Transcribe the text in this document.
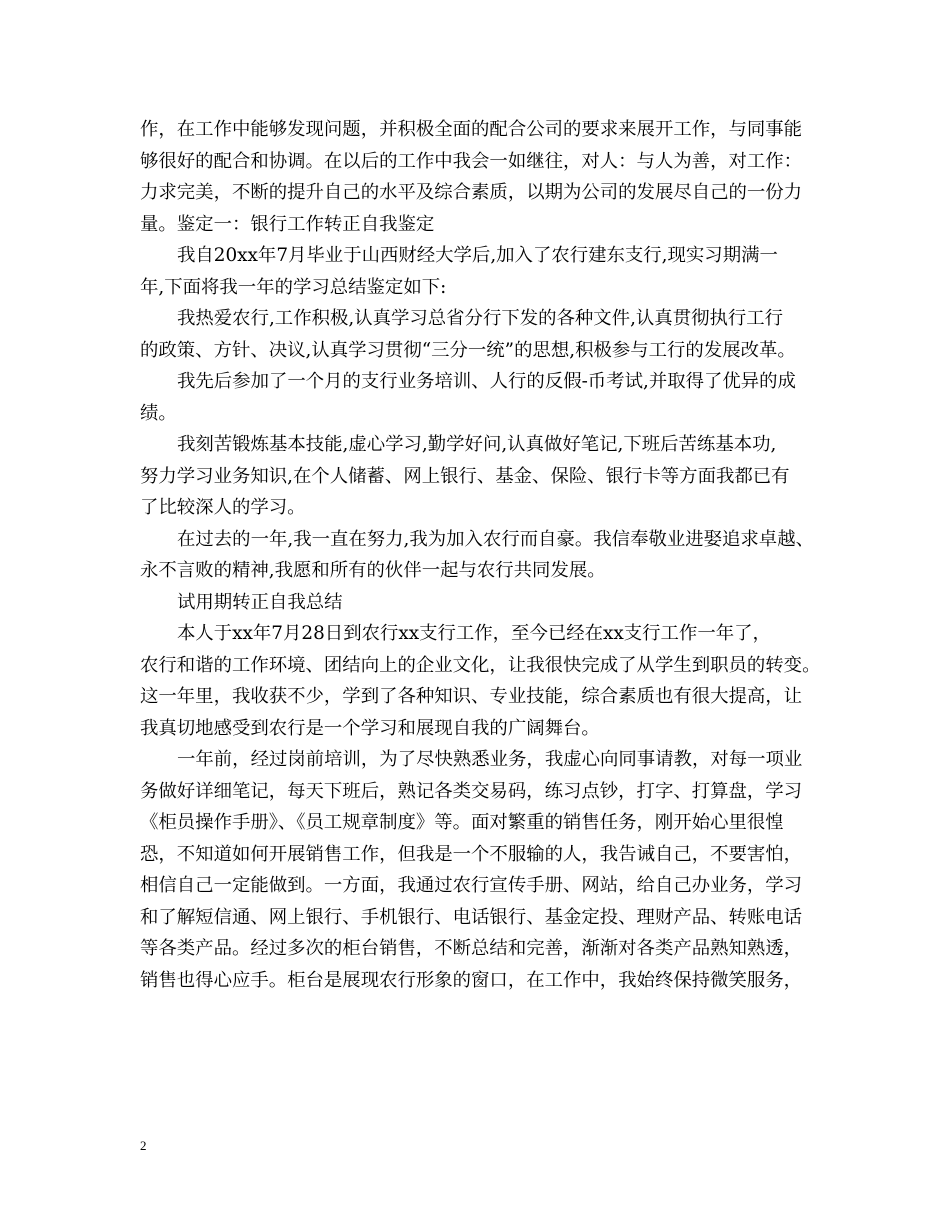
作，在工作中能够发现问题，并积极全面的配合公司的要求来展开工作，与同事能
够很好的配合和协调。在以后的工作中我会一如继往，对人：与人为善，对工作：
力求完美，不断的提升自己的水平及综合素质，以期为公司的发展尽自己的一份力
量。鉴定一：银行工作转正自我鉴定
我自20xx年7月毕业于山西财经大学后,加入了农行建东支行,现实习期满一
年,下面将我一年的学习总结鉴定如下:
我热爱农行,工作积极,认真学习总省分行下发的各种文件,认真贯彻执行工行
的政策、方针、决议,认真学习贯彻“三分一统”的思想,积极参与工行的发展改革。
我先后参加了一个月的支行业务培训、人行的反假-币考试,并取得了优异的成
绩。
我刻苦锻炼基本技能,虚心学习,勤学好问,认真做好笔记,下班后苦练基本功,
努力学习业务知识,在个人储蓄、网上银行、基金、保险、银行卡等方面我都已有
了比较深人的学习。
在过去的一年,我一直在努力,我为加入农行而自豪。我信奉敬业进娶追求卓越、
永不言败的精神,我愿和所有的伙伴一起与农行共同发展。
试用期转正自我总结
本人于xx年7月28日到农行xx支行工作，至今已经在xx支行工作一年了，
农行和谐的工作环境、团结向上的企业文化，让我很快完成了从学生到职员的转变。
这一年里，我收获不少，学到了各种知识、专业技能，综合素质也有很大提高，让
我真切地感受到农行是一个学习和展现自我的广阔舞台。
一年前，经过岗前培训，为了尽快熟悉业务，我虚心向同事请教，对每一项业
务做好详细笔记，每天下班后，熟记各类交易码，练习点钞，打字、打算盘，学习
《柜员操作手册》、《员工规章制度》等。面对繁重的销售任务，刚开始心里很惶
恐，不知道如何开展销售工作，但我是一个不服输的人，我告诫自己，不要害怕，
相信自己一定能做到。一方面，我通过农行宣传手册、网站，给自己办业务，学习
和了解短信通、网上银行、手机银行、电话银行、基金定投、理财产品、转账电话
等各类产品。经过多次的柜台销售，不断总结和完善，渐渐对各类产品熟知熟透，
销售也得心应手。柜台是展现农行形象的窗口，在工作中，我始终保持微笑服务，
2
